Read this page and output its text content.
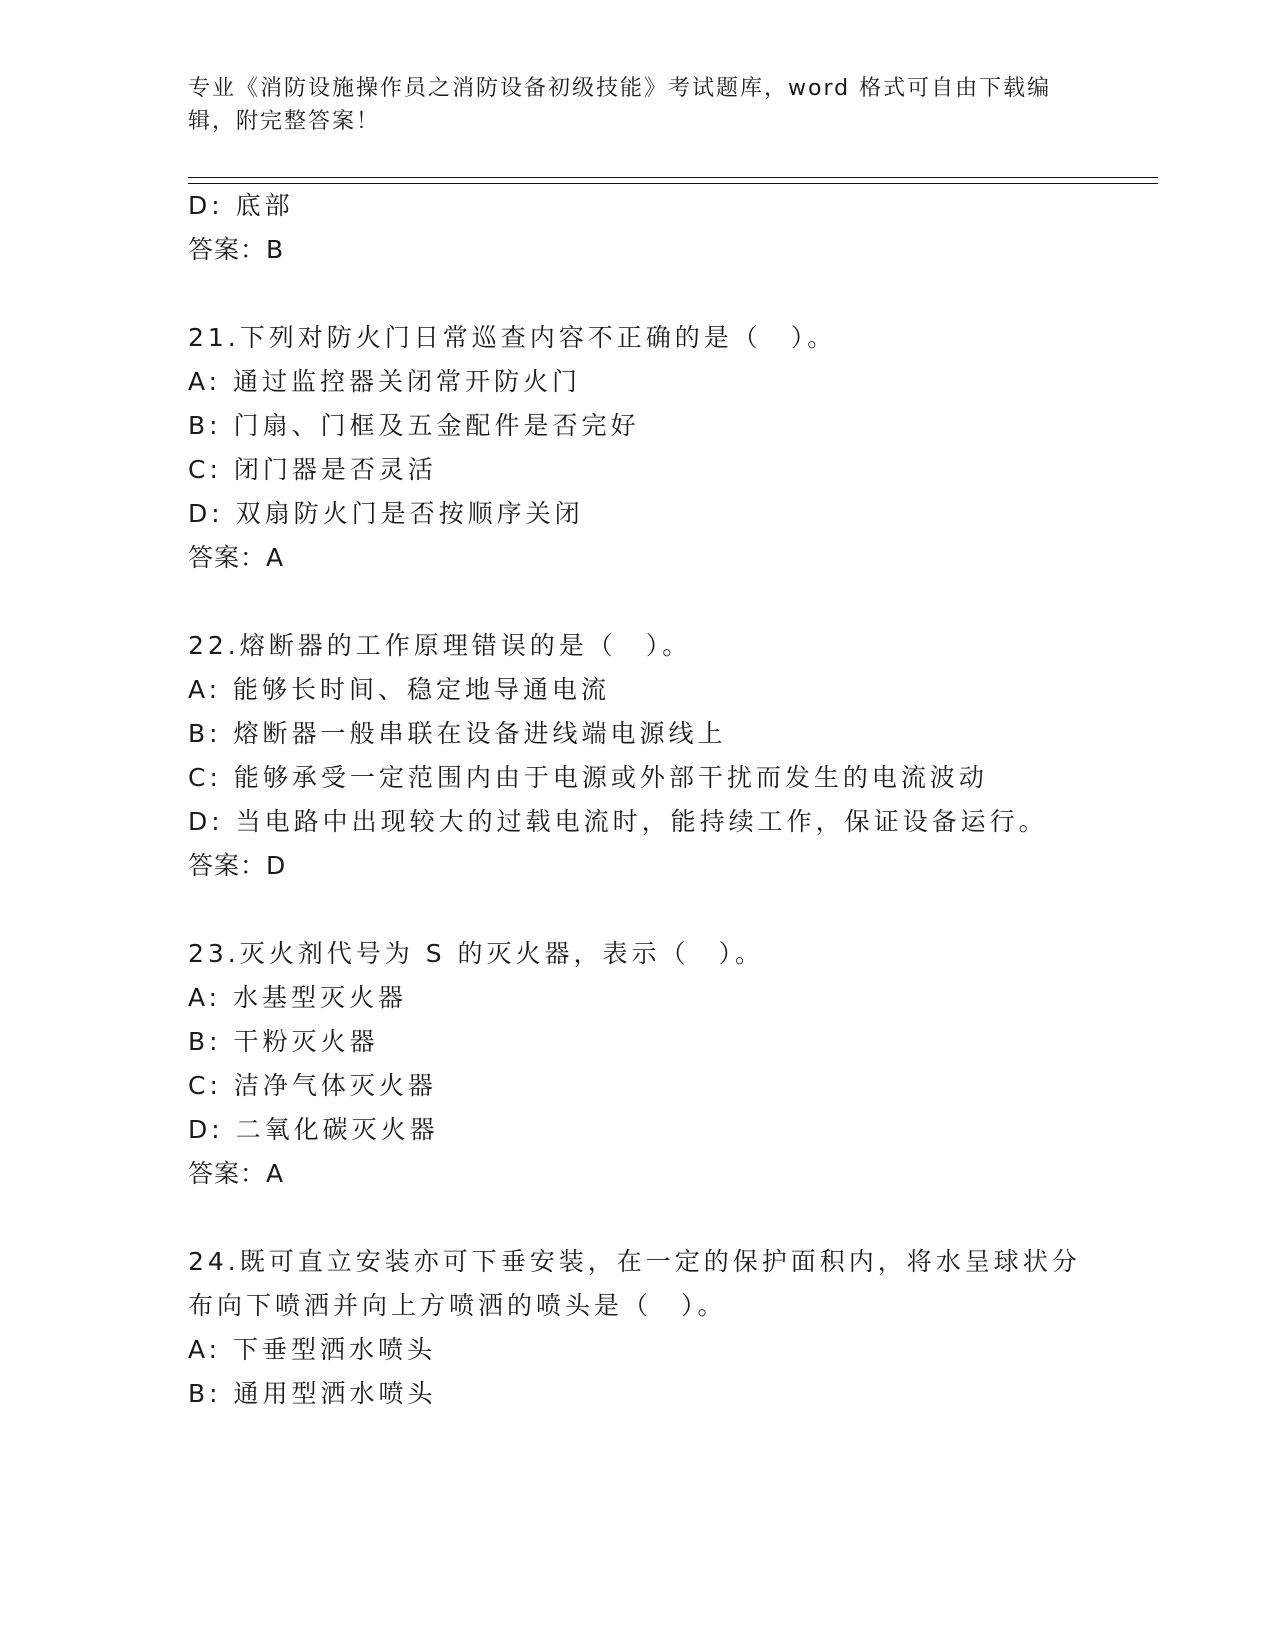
专业《消防设施操作员之消防设备初级技能》考试题库，word 格式可自由下载编
辑，附完整答案！
D: 底部
答案：B
21.下列对防火门日常巡查内容不正确的是（　）。
A: 通过监控器关闭常开防火门
B: 门扇、门框及五金配件是否完好
C: 闭门器是否灵活
D: 双扇防火门是否按顺序关闭
答案：A
22.熔断器的工作原理错误的是（　）。
A: 能够长时间、稳定地导通电流
B: 熔断器一般串联在设备进线端电源线上
C: 能够承受一定范围内由于电源或外部干扰而发生的电流波动
D: 当电路中出现较大的过载电流时，能持续工作，保证设备运行。
答案：D
23.灭火剂代号为 S 的灭火器，表示（　）。
A: 水基型灭火器
B: 干粉灭火器
C: 洁净气体灭火器
D: 二氧化碳灭火器
答案：A
24.既可直立安装亦可下垂安装，在一定的保护面积内，将水呈球状分
布向下喷洒并向上方喷洒的喷头是（　）。
A: 下垂型洒水喷头
B: 通用型洒水喷头
